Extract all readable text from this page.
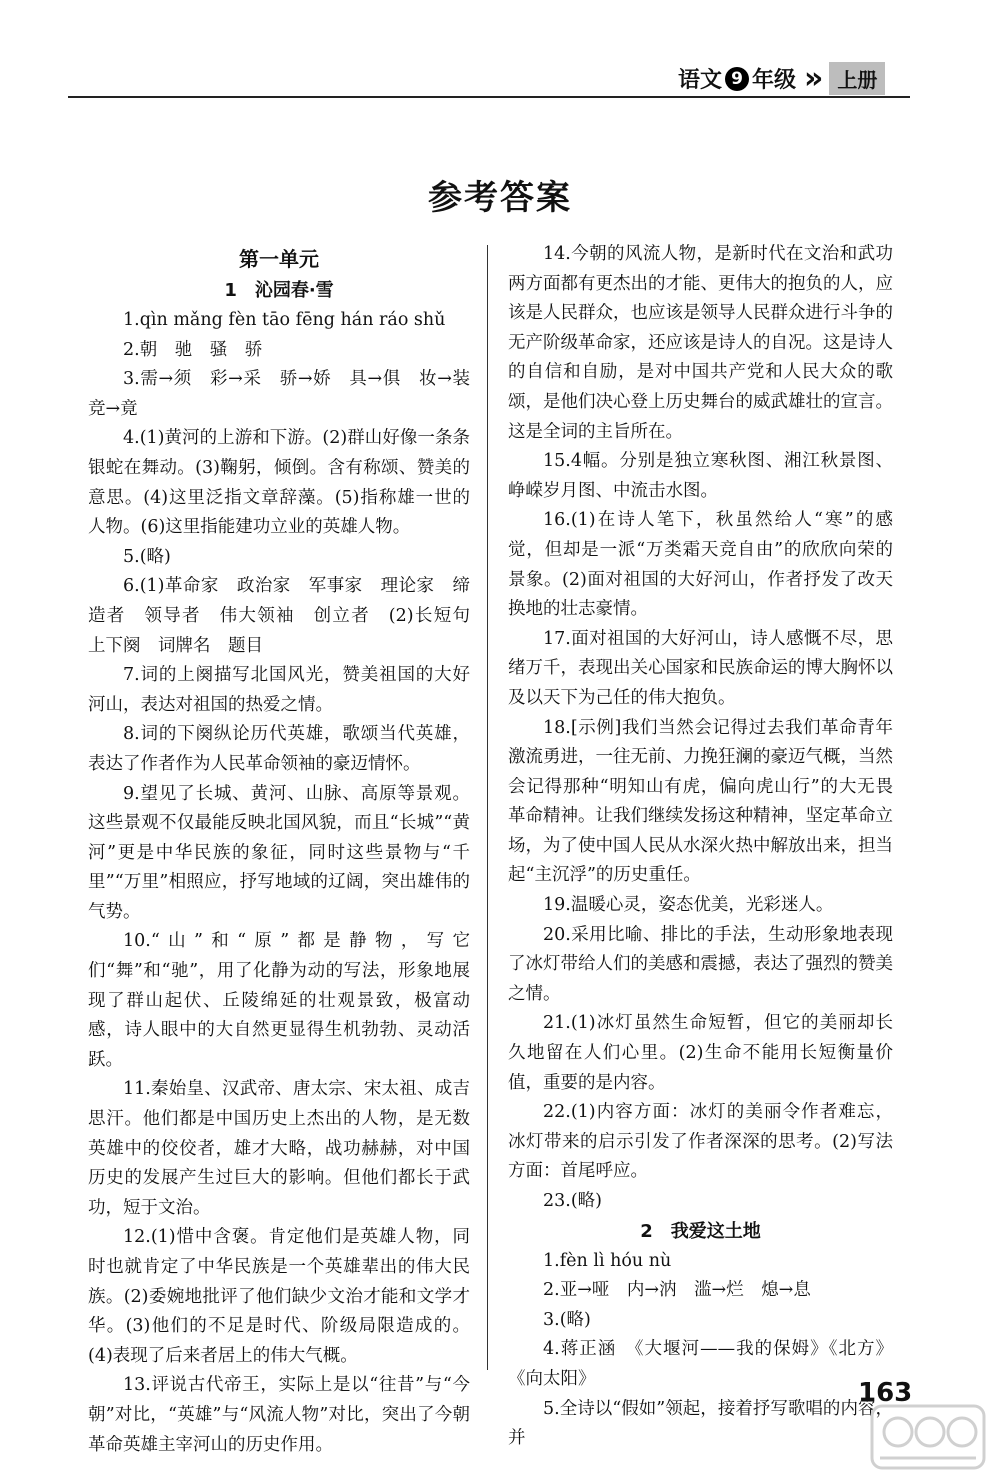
语文 9 年级 »	上册
参考答案
第一单元
1　沁园春·雪

1.qìn mǎng fèn tāo fēng hán ráo shǔ

2.朝　驰　骚　骄

3.需→须　彩→采　骄→娇　具→俱　妆→装　竞→竟

4.(1)黄河的上游和下游。(2)群山好像一条条银蛇在舞动。(3)鞠躬，倾倒。含有称颂、赞美的意思。(4)这里泛指文章辞藻。(5)指称雄一世的人物。(6)这里指能建功立业的英雄人物。

5.(略)

6.(1)革命家　政治家　军事家　理论家　缔造者　领导者　伟大领袖　创立者　(2)长短句　上下阕　词牌名　题目

7.词的上阕描写北国风光，赞美祖国的大好河山，表达对祖国的热爱之情。

8.词的下阕纵论历代英雄，歌颂当代英雄，表达了作者作为人民革命领袖的豪迈情怀。

9.望见了长城、黄河、山脉、高原等景观。这些景观不仅最能反映北国风貌，而且“长城”“黄河”更是中华民族的象征，同时这些景物与“千里”“万里”相照应，抒写地域的辽阔，突出雄伟的气势。

10.“山”和“原”都是静物，写它们“舞”和“驰”，用了化静为动的写法，形象地展现了群山起伏、丘陵绵延的壮观景致，极富动感，诗人眼中的大自然更显得生机勃勃、灵动活跃。

11.秦始皇、汉武帝、唐太宗、宋太祖、成吉思汗。他们都是中国历史上杰出的人物，是无数英雄中的佼佼者，雄才大略，战功赫赫，对中国历史的发展产生过巨大的影响。但他们都长于武功，短于文治。

12.(1)惜中含褒。肯定他们是英雄人物，同时也就肯定了中华民族是一个英雄辈出的伟大民族。(2)委婉地批评了他们缺少文治才能和文学才华。(3)他们的不足是时代、阶级局限造成的。(4)表现了后来者居上的伟大气概。

13.评说古代帝王，实际上是以“往昔”与“今朝”对比，“英雄”与“风流人物”对比，突出了今朝革命英雄主宰河山的历史作用。

14.今朝的风流人物，是新时代在文治和武功两方面都有更杰出的才能、更伟大的抱负的人，应该是人民群众，也应该是领导人民群众进行斗争的无产阶级革命家，还应该是诗人的自况。这是诗人的自信和自励，是对中国共产党和人民大众的歌颂，是他们决心登上历史舞台的威武雄壮的宣言。这是全词的主旨所在。

15.4幅。分别是独立寒秋图、湘江秋景图、峥嵘岁月图、中流击水图。

16.(1)在诗人笔下，秋虽然给人“寒”的感觉，但却是一派“万类霜天竞自由”的欣欣向荣的景象。(2)面对祖国的大好河山，作者抒发了改天换地的壮志豪情。

17.面对祖国的大好河山，诗人感慨不尽，思绪万千，表现出关心国家和民族命运的博大胸怀以及以天下为己任的伟大抱负。

18.[示例]我们当然会记得过去我们革命青年激流勇进，一往无前、力挽狂澜的豪迈气概，当然会记得那种“明知山有虎，偏向虎山行”的大无畏革命精神。让我们继续发扬这种精神，坚定革命立场，为了使中国人民从水深火热中解放出来，担当起“主沉浮”的历史重任。

19.温暖心灵，姿态优美，光彩迷人。

20.采用比喻、排比的手法，生动形象地表现了冰灯带给人们的美感和震撼，表达了强烈的赞美之情。

21.(1)冰灯虽然生命短暂，但它的美丽却长久地留在人们心里。(2)生命不能用长短衡量价值，重要的是内容。

22.(1)内容方面：冰灯的美丽令作者难忘，冰灯带来的启示引发了作者深深的思考。(2)写法方面：首尾呼应。

23.(略)

2　我爱这土地

1.fèn lì hóu nù

2.亚→哑　内→汭　滥→烂　熄→息

3.(略)

4.蒋正涵　《大堰河——我的保姆》《北方》《向太阳》

5.全诗以“假如”领起，接着抒写歌唱的内容，并

163
